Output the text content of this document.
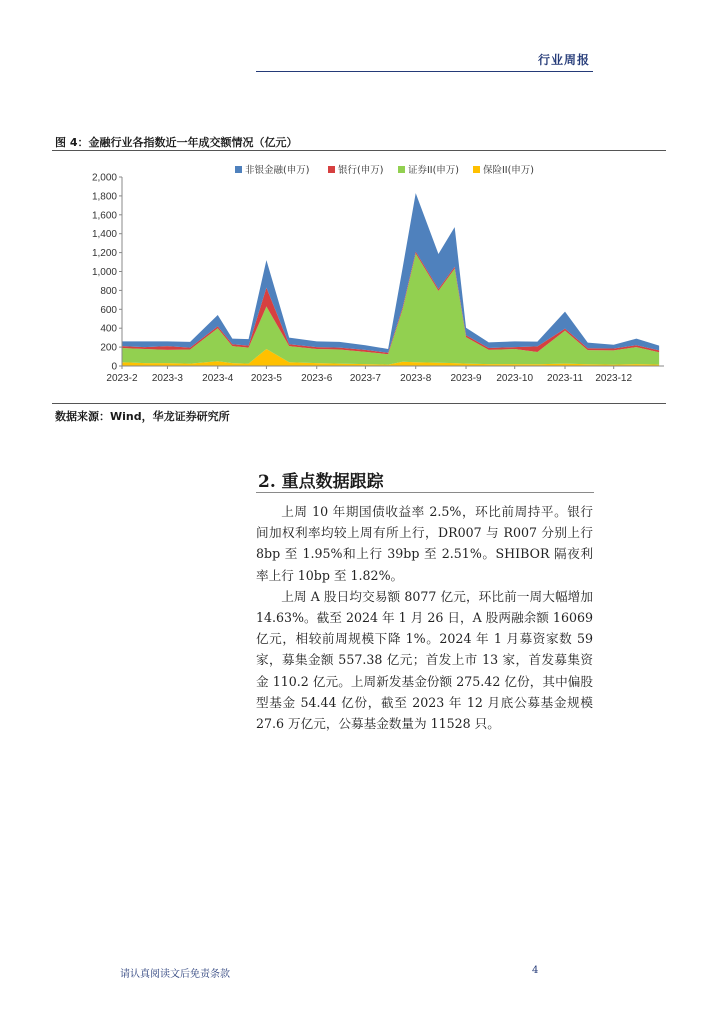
行业周报
图 4：金融行业各指数近一年成交额情况（亿元）
0
200
400
600
800
1,000
1,200
1,400
1,600
1,800
2,000
2023-2 2023-3 2023-4 2023-5 2023-6 2023-7 2023-8 2023-9 2023-10 2023-11 2023-12
非银金融(申万)	银行(申万)	证券II(申万)	保险II(申万)
数据来源：Wind，华龙证券研究所
2. 重点数据跟踪

上周 10 年期国债收益率 2.5%，环比前周持平。银行间加权利率均较上周有所上行，DR007 与 R007 分别上行 8bp 至 1.95%和上行 39bp 至 2.51%。SHIBOR 隔夜利率上行 10bp 至 1.82%。

上周 A 股日均交易额 8077 亿元，环比前一周大幅增加 14.63%。截至 2024 年 1 月 26 日，A 股两融余额 16069 亿元，相较前周规模下降 1%。2024 年 1 月募资家数 59 家，募集金额 557.38 亿元；首发上市 13 家，首发募集资金 110.2 亿元。上周新发基金份额 275.42 亿份，其中偏股型基金 54.44 亿份，截至 2023 年 12 月底公募基金规模 27.6 万亿元，公募基金数量为 11528 只。

请认真阅读文后免责条款	4
